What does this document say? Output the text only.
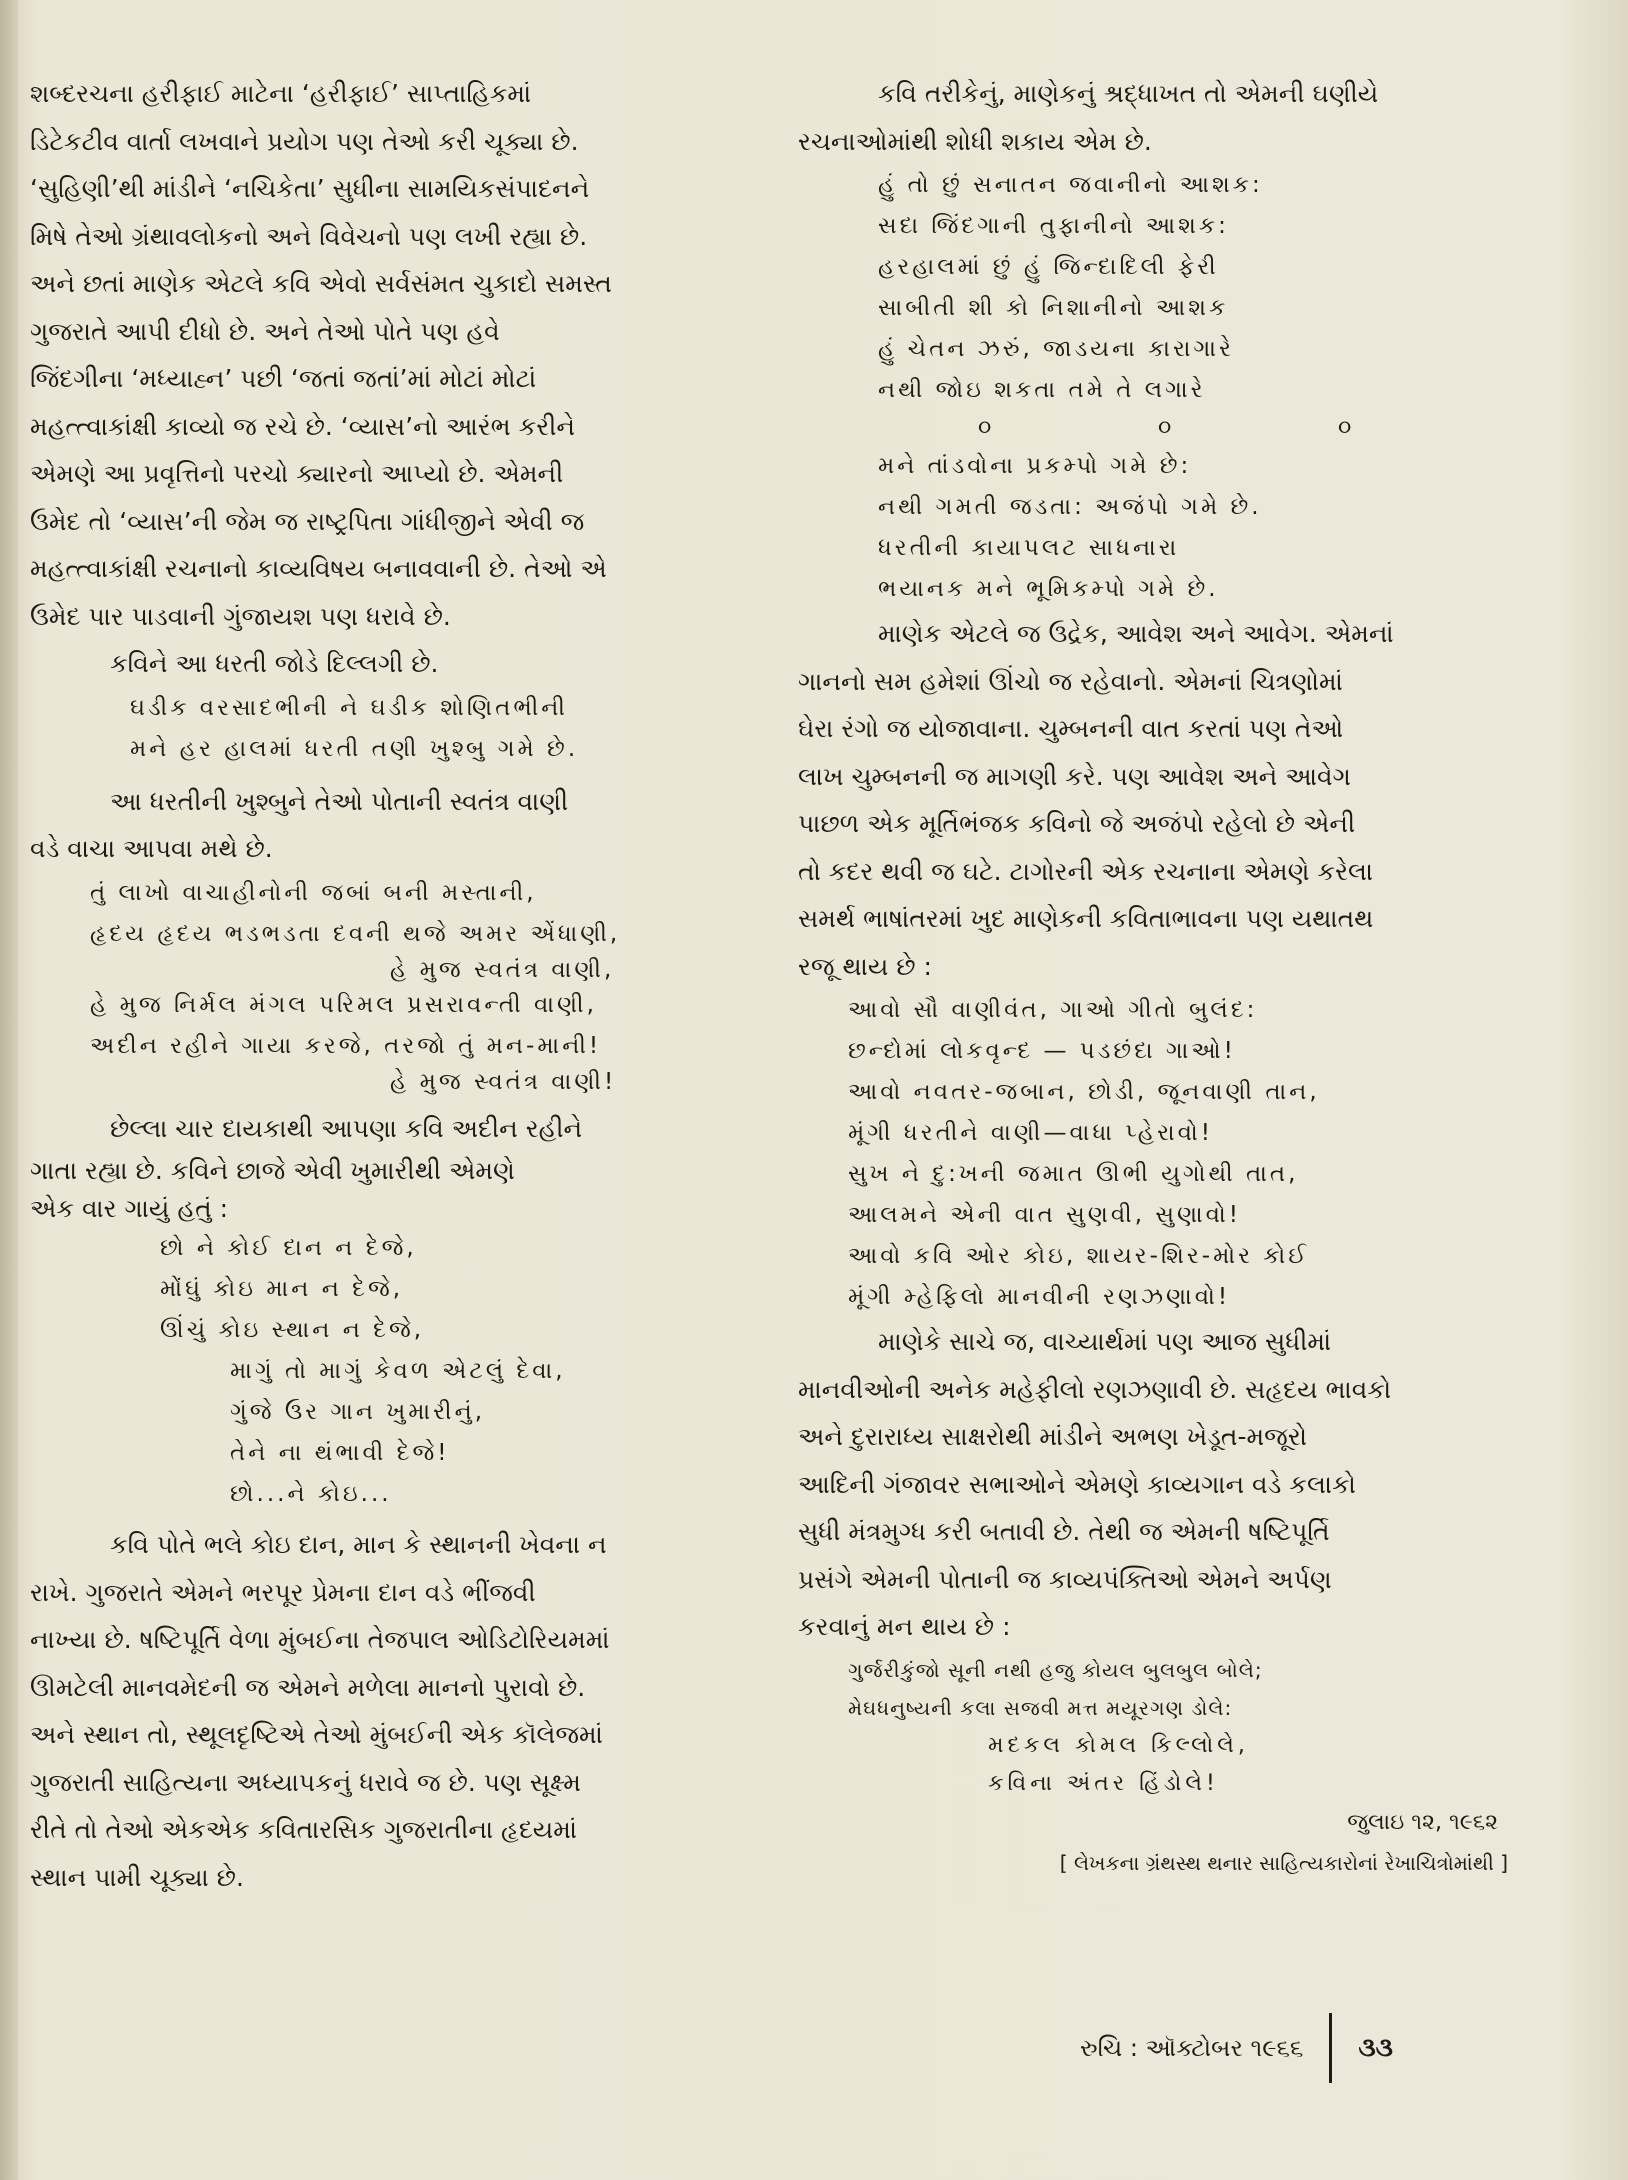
શબ્દરચના હરીફાઈ માટેના ‘હરીફાઈ’ સાપ્તાહિકમાં
ડિટેકટીવ વાર્તા લખવાને પ્રયોગ પણ તેઓ કરી ચૂક્યા છે.
‘સુહિણી’થી માંડીને ‘નચિકેતા’ સુધીના સામયિકસંપાદનને
મિષે તેઓ ગ્રંથાવલોકનો અને વિવેચનો પણ લખી રહ્યા છે.
અને છતાં માણેક એટલે કવિ એવો સર્વસંમત ચુકાદો સમસ્ત
ગુજરાતે આપી દીધો છે. અને તેઓ પોતે પણ હવે
જિંદગીના ‘મધ્યાહ્ન’ પછી ‘જતાં જતાં’માં મોટાં મોટાં
મહત્ત્વાકાંક્ષી કાવ્યો જ રચે છે. ‘વ્યાસ’નો આરંભ કરીને
એમણે આ પ્રવૃત્તિનો પરચો ક્યારનો આપ્યો છે. એમની
ઉમેદ તો ‘વ્યાસ’ની જેમ જ રાષ્ટ્રપિતા ગાંધીજીને એવી જ
મહત્ત્વાકાંક્ષી રચનાનો કાવ્યવિષય બનાવવાની છે. તેઓ એ
ઉમેદ પાર પાડવાની ગુંજાયશ પણ ધરાવે છે.

કવિને આ ધરતી જોડે દિલ્લગી છે.

ઘડીક વરસાદભીની ને ઘડીક શોણિતભીની
મને હર હાલમાં ધરતી તણી ખુશ્બુ ગમે છે.

આ ધરતીની ખુશ્બુને તેઓ પોતાની સ્વતંત્ર વાણી
વડે વાચા આપવા મથે છે.

તું લાખો વાચાહીનોની જબાં બની મસ્તાની,
હૃદય હૃદય ભડભડતા દવની થજે અમર એંધાણી,
હે મુજ સ્વતંત્ર વાણી,
હે મુજ નિર્મલ મંગલ પરિમલ પ્રસરાવન્તી વાણી,
અદીન રહીને ગાયા કરજે, તરજો તું મન-માની!
હે મુજ સ્વતંત્ર વાણી!

છેલ્લા ચાર દાયકાથી આપણા કવિ અદીન રહીને
ગાતા રહ્યા છે. કવિને છાજે એવી ખુમારીથી એમણે
એક વાર ગાયું હતું :

છો ને કોઈ દાન ન દેજે,
મોંઘું કોઇ માન ન દેજે,
ઊંચું કોઇ સ્થાન ન દેજે,
માગું તો માગું કેવળ એટલું દેવા,
ગુંજે ઉર ગાન ખુમારીનું,
તેને ના થંભાવી દેજે!
છો...ને કોઇ...

કવિ પોતે ભલે કોઇ દાન, માન કે સ્થાનની ખેવના ન
રાખે. ગુજરાતે એમને ભરપૂર પ્રેમના દાન વડે ભીંજવી
નાખ્યા છે. ષષ્ટિપૂર્તિ વેળા મુંબઈના તેજપાલ ઓડિટોરિયમમાં
ઊમટેલી માનવમેદની જ એમને મળેલા માનનો પુરાવો છે.
અને સ્થાન તો, સ્થૂલદૃષ્ટિએ તેઓ મુંબઈની એક કૉલેજમાં
ગુજરાતી સાહિત્યના અધ્યાપકનું ધરાવે જ છે. પણ સૂક્ષ્મ
રીતે તો તેઓ એકએક કવિતારસિક ગુજરાતીના હૃદયમાં
સ્થાન પામી ચૂક્યા છે.

કવિ તરીકેનું, માણેકનું શ્રદ્ધાખત તો એમની ઘણીયે
રચનાઓમાંથી શોધી શકાય એમ છે.

હું તો છું સનાતન જવાનીનો આશક:
સદા જિંદગાની તુફાનીનો આશક:
હરહાલમાં છું હું જિન્દાદિલી ફેરી
સાબીતી શી કો નિશાનીનો આશક
હું ચેતન ઝરું, જાડયના કારાગારે
નથી જોઇ શકતા તમે તે લગારે
૦	૦	૦
મને તાંડવોના પ્રકમ્પો ગમે છે:
નથી ગમતી જડતા: અજંપો ગમે છે.
ધરતીની કાયાપલટ સાધનારા
ભયાનક મને ભૂમિકમ્પો ગમે છે.

માણેક એટલે જ ઉદ્રેક, આવેશ અને આવેગ. એમનાં
ગાનનો સમ હમેશાં ઊંચો જ રહેવાનો. એમનાં ચિત્રણોમાં
ઘેરા રંગો જ યોજાવાના. ચુમ્બનની વાત કરતાં પણ તેઓ
લાખ ચુમ્બનની જ માગણી કરે. પણ આવેશ અને આવેગ
પાછળ એક મૂર્તિભંજક કવિનો જે અજંપો રહેલો છે એની
તો કદર થવી જ ઘટે. ટાગોરની એક રચનાના એમણે કરેલા
સમર્થ ભાષાંતરમાં ખુદ માણેકની કવિતાભાવના પણ યથાતથ
રજૂ થાય છે :

આવો સૌ વાણીવંત, ગાઓ ગીતો બુલંદ:
છન્દોમાં લોકવૃન્દ — પડછંદા ગાઓ!
આવો નવતર-જબાન, છોડી, જૂનવાણી તાન,
મૂંગી ધરતીને વાણી—વાધા પ્હેરાવો!
સુખ ને દુ:ખની જમાત ઊભી યુગોથી તાત,
આલમને એની વાત સુણવી, સુણાવો!
આવો કવિ ઓર કોઇ, શાયર-શિર-મોર કોઈ
મૂંગી મ્હેફિલો માનવીની રણઝણાવો!

માણેકે સાચે જ, વાચ્યાર્થમાં પણ આજ સુધીમાં
માનવીઓની અનેક મહેફીલો રણઝણાવી છે. સહૃદય ભાવકો
અને દુરારાધ્ય સાક્ષરોથી માંડીને અભણ ખેડૂત-મજૂરો
આદિની ગંજાવર સભાઓને એમણે કાવ્યગાન વડે કલાકો
સુધી મંત્રમુગ્ધ કરી બતાવી છે. તેથી જ એમની ષષ્ટિપૂર્તિ
પ્રસંગે એમની પોતાની જ કાવ્યપંક્તિઓ એમને અર્પણ
કરવાનું મન થાય છે :

ગુર્જરીકુંજો સૂની નથી હજુ કોયલ બુલબુલ બોલે;
મેઘધનુષ્યની કલા સજવી મત્ત મયૂરગણ ડોલે:
મદકલ કોમલ કિલ્લોલે,
કવિના અંતર હિંડોલે!

જુલાઇ ૧૨, ૧૯૬૨

[ લેખકના ગ્રંથસ્થ થનાર સાહિત્યકારોનાં રેખાચિત્રોમાંથી ]

રુચિ : ઑક્ટોબર ૧૯૬૬ ૩૩
